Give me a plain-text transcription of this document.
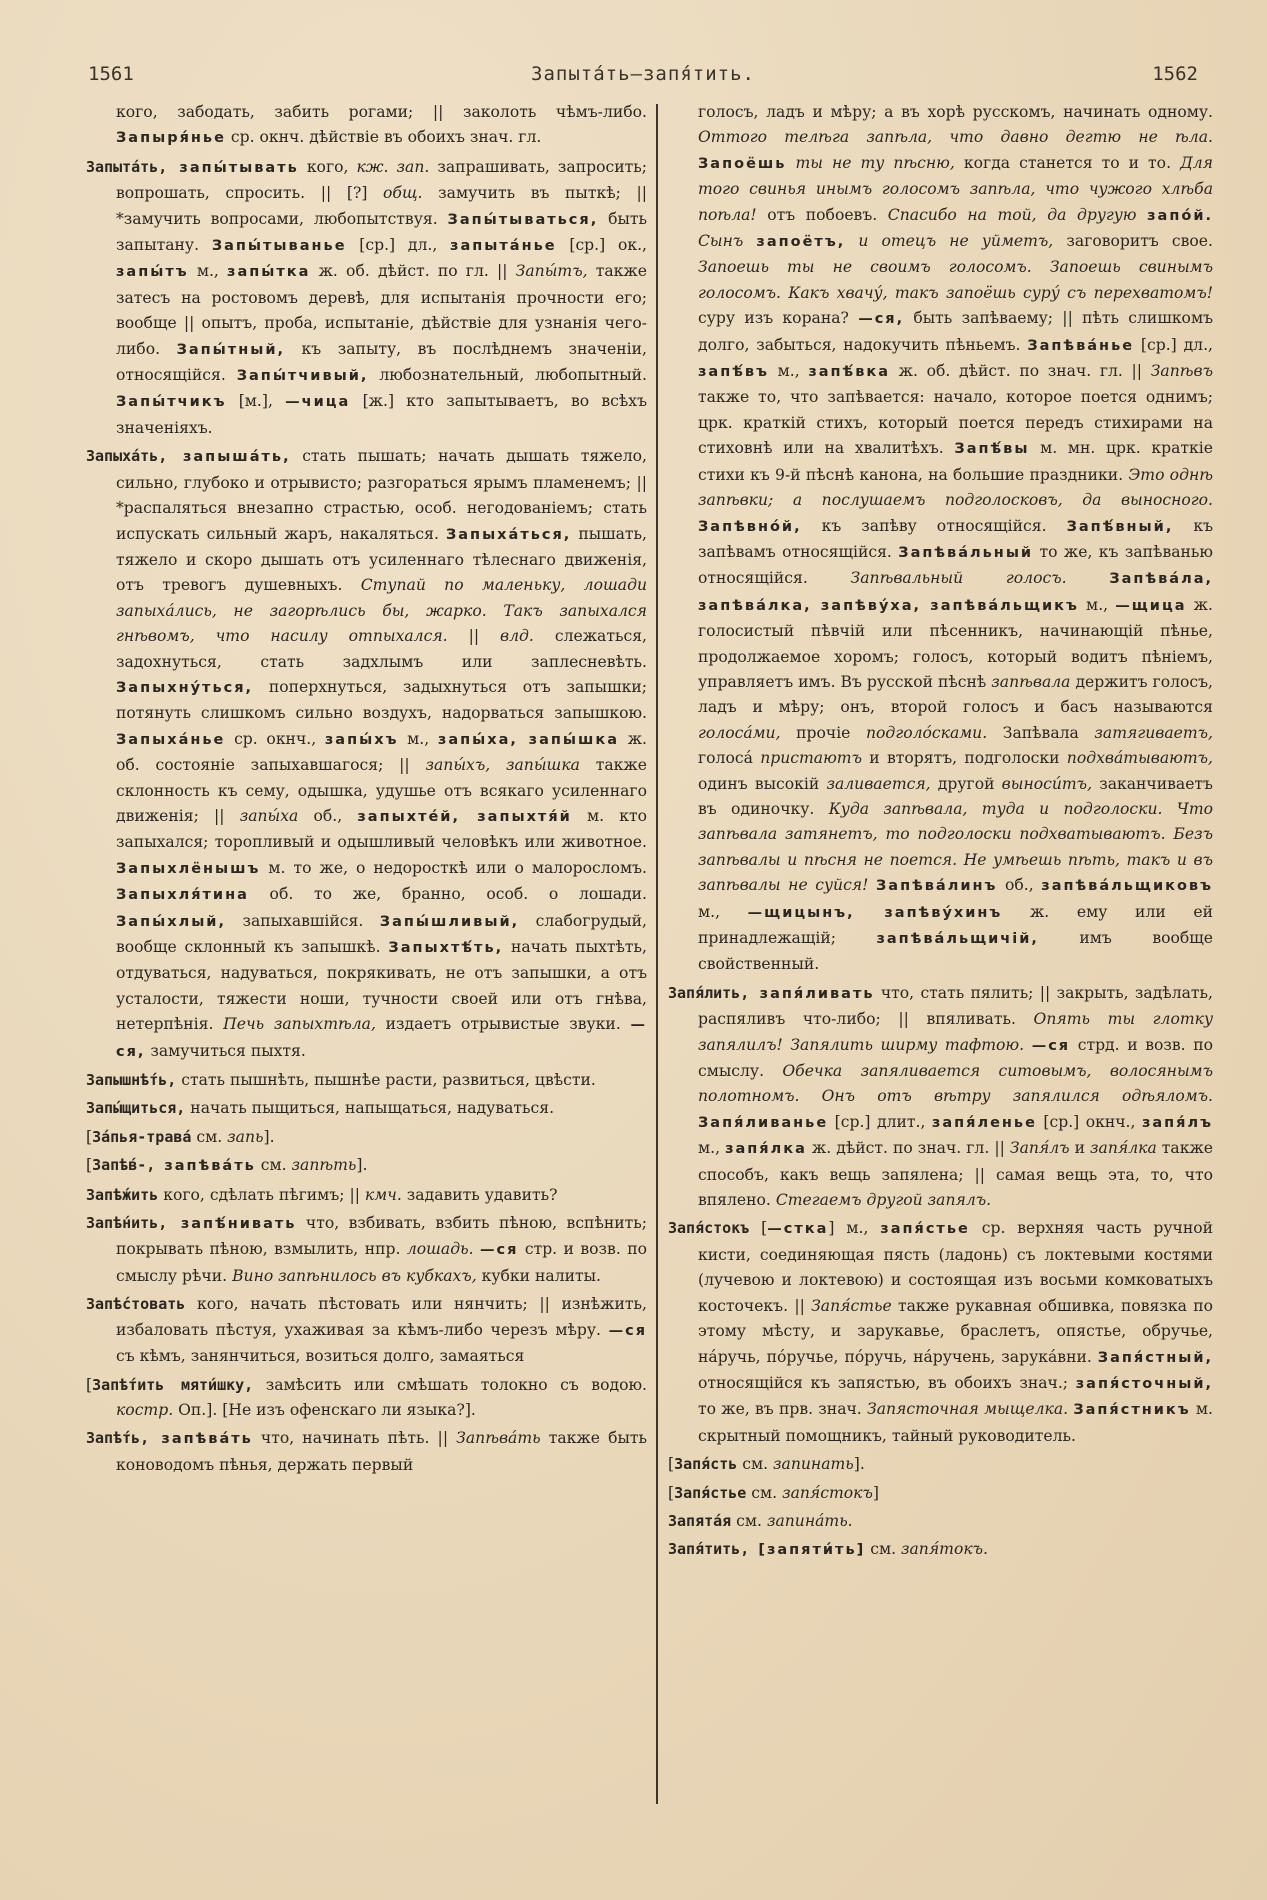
1561	Запытáть—запя́тить.	1562

кого, забодать, забить рогами; || заколоть чѣмъ-либо. Запыря́нье ср. окнч. дѣйствіе въ обоихъ знач. гл.

Запытáть, запы́тывать кого, кж. зап. запрашивать, запросить; вопрошать, спросить. || [?] общ. замучить въ пыткѣ; || *замучить вопросами, любопытствуя. Запы́тываться, быть запытану. Запы́тыванье [ср.] дл., запытáнье [ср.] ок., запы́тъ м., запы́тка ж. об. дѣйст. по гл. || Запы́тъ, также затесъ на ростовомъ деревѣ, для испытанія прочности его; вообще || опытъ, проба, испытаніе, дѣйствіе для узнанія чего-либо. Запы́тный, къ запыту, въ послѣднемъ значеніи, относящійся. Запы́тчивый, любознательный, любопытный. Запы́тчикъ [м.], —чица [ж.] кто запытываетъ, во всѣхъ значеніяхъ.

Запыхáть, запышáть, стать пышать; начать дышать тяжело, сильно, глубоко и отрывисто; разгораться ярымъ пламенемъ; || *распаляться внезапно страстью, особ. негодованіемъ; стать испускать сильный жаръ, накаляться. Запыхáться, пышать, тяжело и скоро дышать отъ усиленнаго тѣлеснаго движенія, отъ тревогъ душевныхъ. Ступай по маленьку, лошади запыхáлись, не загорѣлись бы, жарко. Такъ запыхался гнѣвомъ, что насилу отпыхался. || влд. слежаться, задохнуться, стать задхлымъ или заплесневѣть. Запыхну́ться, поперхнуться, задыхнуться отъ запышки; потянуть слишкомъ сильно воздухъ, надорваться запышкою. Запыхáнье ср. окнч., запы́хъ м., запы́ха, запы́шка ж. об. состояніе запыхавшагося; || запы́хъ, запы́шка также склонность къ сему, одышка, удушье отъ всякаго усиленнаго движенія; || запы́ха об., запыхтéй, запыхтя́й м. кто запыхался; торопливый и одышливый человѣкъ или животное. Запыхлёнышъ м. то же, о недоросткѣ или о малоросломъ. Запыхля́тина об. то же, бранно, особ. о лошади. Запы́хлый, запыхавшійся. Запы́шливый, слабогрудый, вообще склонный къ запышкѣ. Запыхтѣ́ть, начать пыхтѣть, отдуваться, надуваться, покрякивать, не отъ запышки, а отъ усталости, тяжести ноши, тучности своей или отъ гнѣва, нетерпѣнія. Печь запыхтѣла, издаетъ отрывистые звуки. —ся, замучиться пыхтя.

Запышнѣ́ть, стать пышнѣть, пышнѣе расти, развиться, цвѣсти.

Запы́щиться, начать пыщиться, напыщаться, надуваться.

[Зáпья-травá см. запь].

[Запѣ́в-, запѣвáть см. запѣть].

Запѣ́жить кого, сдѣлать пѣгимъ; || кмч. задавить удавить?

Запѣ́нить, запѣ́нивать что, взбивать, взбить пѣною, вспѣнить; покрывать пѣною, взмылить, нпр. лошадь. —ся стр. и возв. по смыслу рѣчи. Вино запѣнилось въ кубкахъ, кубки налиты.

Запѣ́стовать кого, начать пѣстовать или нянчить; || изнѣжить, избаловать пѣстуя, ухаживая за кѣмъ-либо черезъ мѣру. —ся съ кѣмъ, занянчиться, возиться долго, замаяться

[Запѣ́тить мяти́шку, замѣсить или смѣшать толокно съ водою. костр. Оп.]. [Не изъ офенскаго ли языка?].

Запѣ́ть, запѣвáть что, начинать пѣть. || Запѣвáть также быть коноводомъ пѣнья, держать первый

голосъ, ладъ и мѣру; а въ хорѣ русскомъ, начинать одному. Оттого телѣга запѣла, что давно дегтю не ѣла. Запоёшь ты не ту пѣсню, когда станется то и то. Для того свинья инымъ голосомъ запѣла, что чужого хлѣба поѣла! отъ побоевъ. Спасибо на той, да другую запóй. Сынъ запоётъ, и отецъ не уйметъ, заговоритъ свое. Запоешь ты не своимъ голосомъ. Запоешь свинымъ голосомъ. Какъ хвачу́, такъ запоёшь суру́ съ перехватомъ! суру изъ корана? —ся, быть запѣваему; || пѣть слишкомъ долго, забыться, надокучить пѣньемъ. Запѣвáнье [ср.] дл., запѣ́въ м., запѣ́вка ж. об. дѣйст. по знач. гл. || Запѣвъ также то, что запѣвается: начало, которое поется однимъ; црк. краткій стихъ, который поется передъ стихирами на стиховнѣ или на хвалитѣхъ. Запѣ́вы м. мн. црк. краткіе стихи къ 9-й пѣснѣ канона, на большие праздники. Это однѣ запѣвки; а послушаемъ подголосковъ, да выносного. Запѣвнóй, къ запѣву относящійся. Запѣ́вный, къ запѣвамъ относящійся. Запѣвáльный то же, къ запѣванью относящійся. Запѣвальный голосъ.	Запѣвáла, запѣвáлка, запѣву́ха, запѣвáльщикъ м., —щица ж. голосистый пѣвчій или пѣсенникъ, начинающій пѣнье, продолжаемое хоромъ; голосъ, который водитъ пѣніемъ, управляетъ имъ. Въ русской пѣснѣ запѣвала держитъ голосъ, ладъ и мѣру; онъ, второй голосъ и басъ называются голосáми, прочіе подголóсками. Запѣвала затягиваетъ, голосá пристаютъ и вторятъ, подголоски подхвáтываютъ, одинъ высокій заливается, другой выносúтъ, заканчиваетъ въ одиночку. Куда запѣвала, туда и подголоски. Что запѣвала затянетъ, то подголоски подхватываютъ. Безъ запѣвалы и пѣсня не поется. Не умѣешь пѣть, такъ и въ запѣвалы не суйся! Запѣвáлинъ об., запѣвáльщиковъ м., —щицынъ, запѣву́хинъ ж. ему или ей принадлежащій; запѣвáльщичій, имъ вообще свойственный.

Запя́лить, запя́ливать что, стать пялить; || закрыть, задѣлать, распяливъ что-либо; || впяливать. Опять ты глотку запялилъ! Запялить ширму тафтою. —ся стрд. и возв. по смыслу. Обечка запяливается ситовымъ, волосянымъ полотномъ. Онъ отъ вѣтру запялился одѣяломъ. Запя́ливанье [ср.] длит., запя́ленье [ср.] окнч., запя́лъ м., запя́лка ж. дѣйст. по знач. гл. || Запя́лъ и запя́лка также способъ, какъ вещь запялена; || самая вещь эта, то, что впялено. Стегаемъ другой запялъ.

Запя́стокъ [—стка] м., запя́стье ср. верхняя часть ручной кисти, соединяющая пясть (ладонь) съ локтевыми костями (лучевою и локтевою) и состоящая изъ восьми комковатыхъ косточекъ. || Запя́стье также рукавная обшивка, повязка по этому мѣсту, и зарукавье, браслетъ, опястье, обручье, нáручь, пóручье, пóручь, нáручень, зарукáвни. Запя́стный, относящійся къ запястью, въ обоихъ знач.; запя́сточный, то же, въ прв. знач. Запясточная мыщелка. Запя́стникъ м. скрытный помощникъ, тайный руководитель.

[Запя́сть см. запинать].

[Запя́стье см. запя́стокъ]

Запятáя см. запинáть.

Запя́тить, [запяти́ть] см. запя́токъ.
